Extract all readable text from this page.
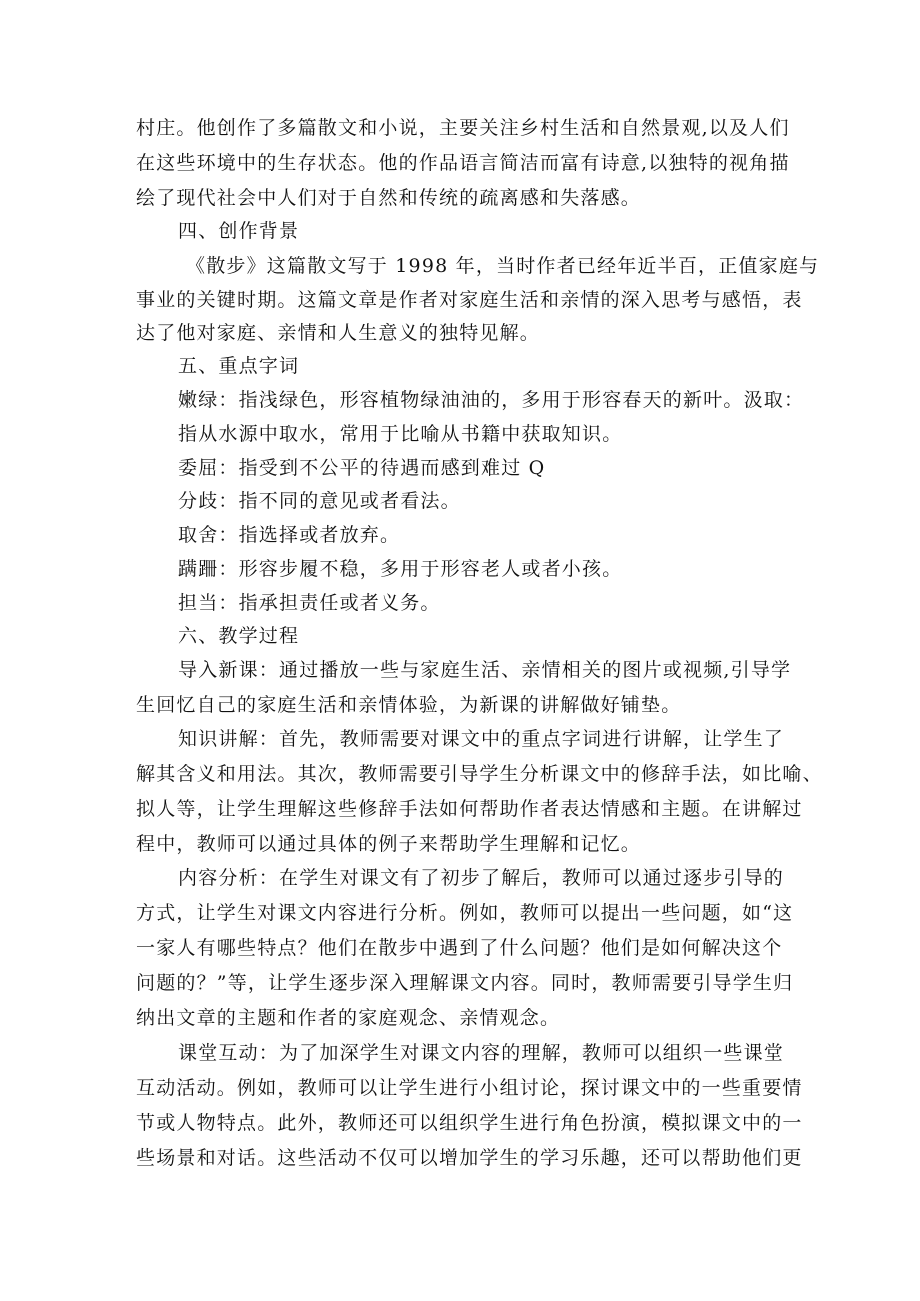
村庄。他创作了多篇散文和小说，主要关注乡村生活和自然景观,以及人们
在这些环境中的生存状态。他的作品语言简洁而富有诗意,以独特的视角描
绘了现代社会中人们对于自然和传统的疏离感和失落感。
四、创作背景
《散步》这篇散文写于 1998 年，当时作者已经年近半百，正值家庭与
事业的关键时期。这篇文章是作者对家庭生活和亲情的深入思考与感悟，表
达了他对家庭、亲情和人生意义的独特见解。
五、重点字词
嫩绿：指浅绿色，形容植物绿油油的，多用于形容春天的新叶。汲取：
指从水源中取水，常用于比喻从书籍中获取知识。
委屈：指受到不公平的待遇而感到难过 Q
分歧：指不同的意见或者看法。
取舍：指选择或者放弃。
蹒跚：形容步履不稳，多用于形容老人或者小孩。
担当：指承担责任或者义务。
六、教学过程
导入新课：通过播放一些与家庭生活、亲情相关的图片或视频,引导学
生回忆自己的家庭生活和亲情体验，为新课的讲解做好铺垫。
知识讲解：首先，教师需要对课文中的重点字词进行讲解，让学生了
解其含义和用法。其次，教师需要引导学生分析课文中的修辞手法，如比喻、
拟人等，让学生理解这些修辞手法如何帮助作者表达情感和主题。在讲解过
程中，教师可以通过具体的例子来帮助学生理解和记忆。
内容分析：在学生对课文有了初步了解后，教师可以通过逐步引导的
方式，让学生对课文内容进行分析。例如，教师可以提出一些问题，如“这
一家人有哪些特点？他们在散步中遇到了什么问题？他们是如何解决这个
问题的？”等，让学生逐步深入理解课文内容。同时，教师需要引导学生归
纳出文章的主题和作者的家庭观念、亲情观念。
课堂互动：为了加深学生对课文内容的理解，教师可以组织一些课堂
互动活动。例如，教师可以让学生进行小组讨论，探讨课文中的一些重要情
节或人物特点。此外，教师还可以组织学生进行角色扮演，模拟课文中的一
些场景和对话。这些活动不仅可以增加学生的学习乐趣，还可以帮助他们更
